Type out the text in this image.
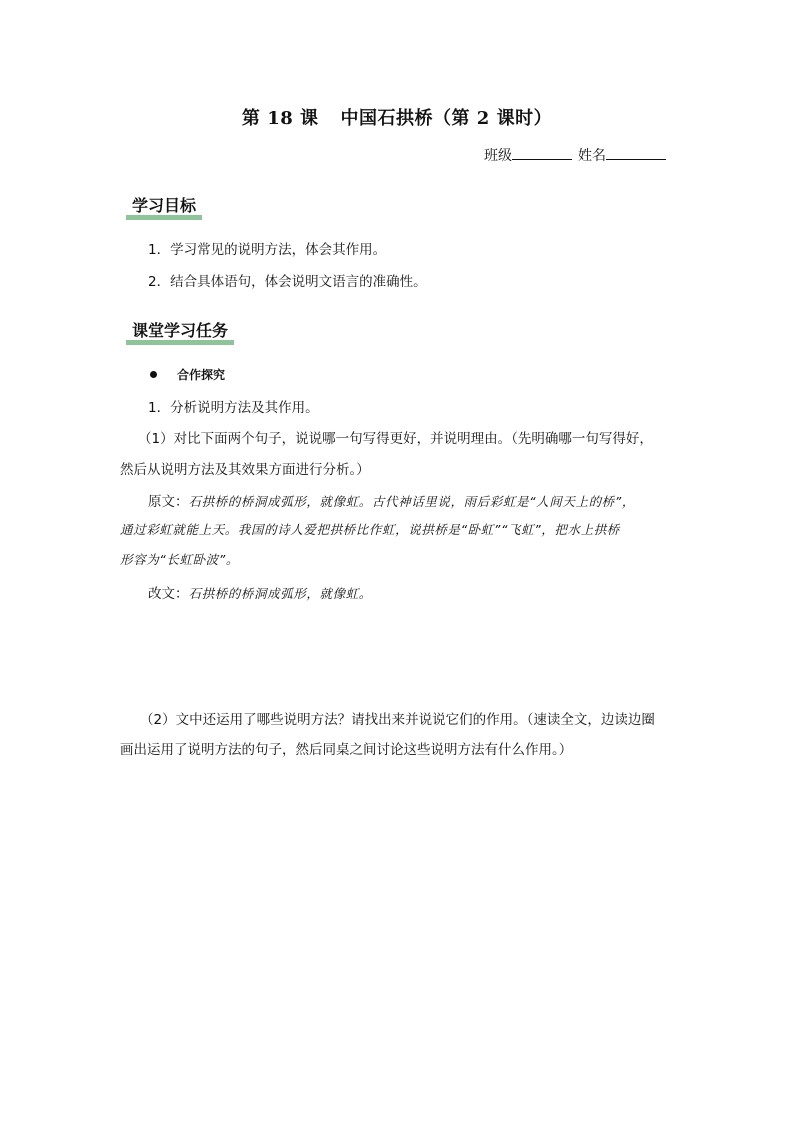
第 18 课 中国石拱桥（第 2 课时）
班级	姓名
学习目标
1．学习常见的说明方法，体会其作用。
2．结合具体语句，体会说明文语言的准确性。
课堂学习任务
合作探究
1．分析说明方法及其作用。
（1）对比下面两个句子，说说哪一句写得更好，并说明理由。（先明确哪一句写得好，
然后从说明方法及其效果方面进行分析。）
原文：石拱桥的桥洞成弧形，就像虹。古代神话里说，雨后彩虹是“人间天上的桥”，
通过彩虹就能上天。我国的诗人爱把拱桥比作虹，说拱桥是“卧虹”“飞虹”，把水上拱桥
形容为“长虹卧波”。
改文：石拱桥的桥洞成弧形，就像虹。
（2）文中还运用了哪些说明方法？请找出来并说说它们的作用。（速读全文，边读边圈
画出运用了说明方法的句子，然后同桌之间讨论这些说明方法有什么作用。）
